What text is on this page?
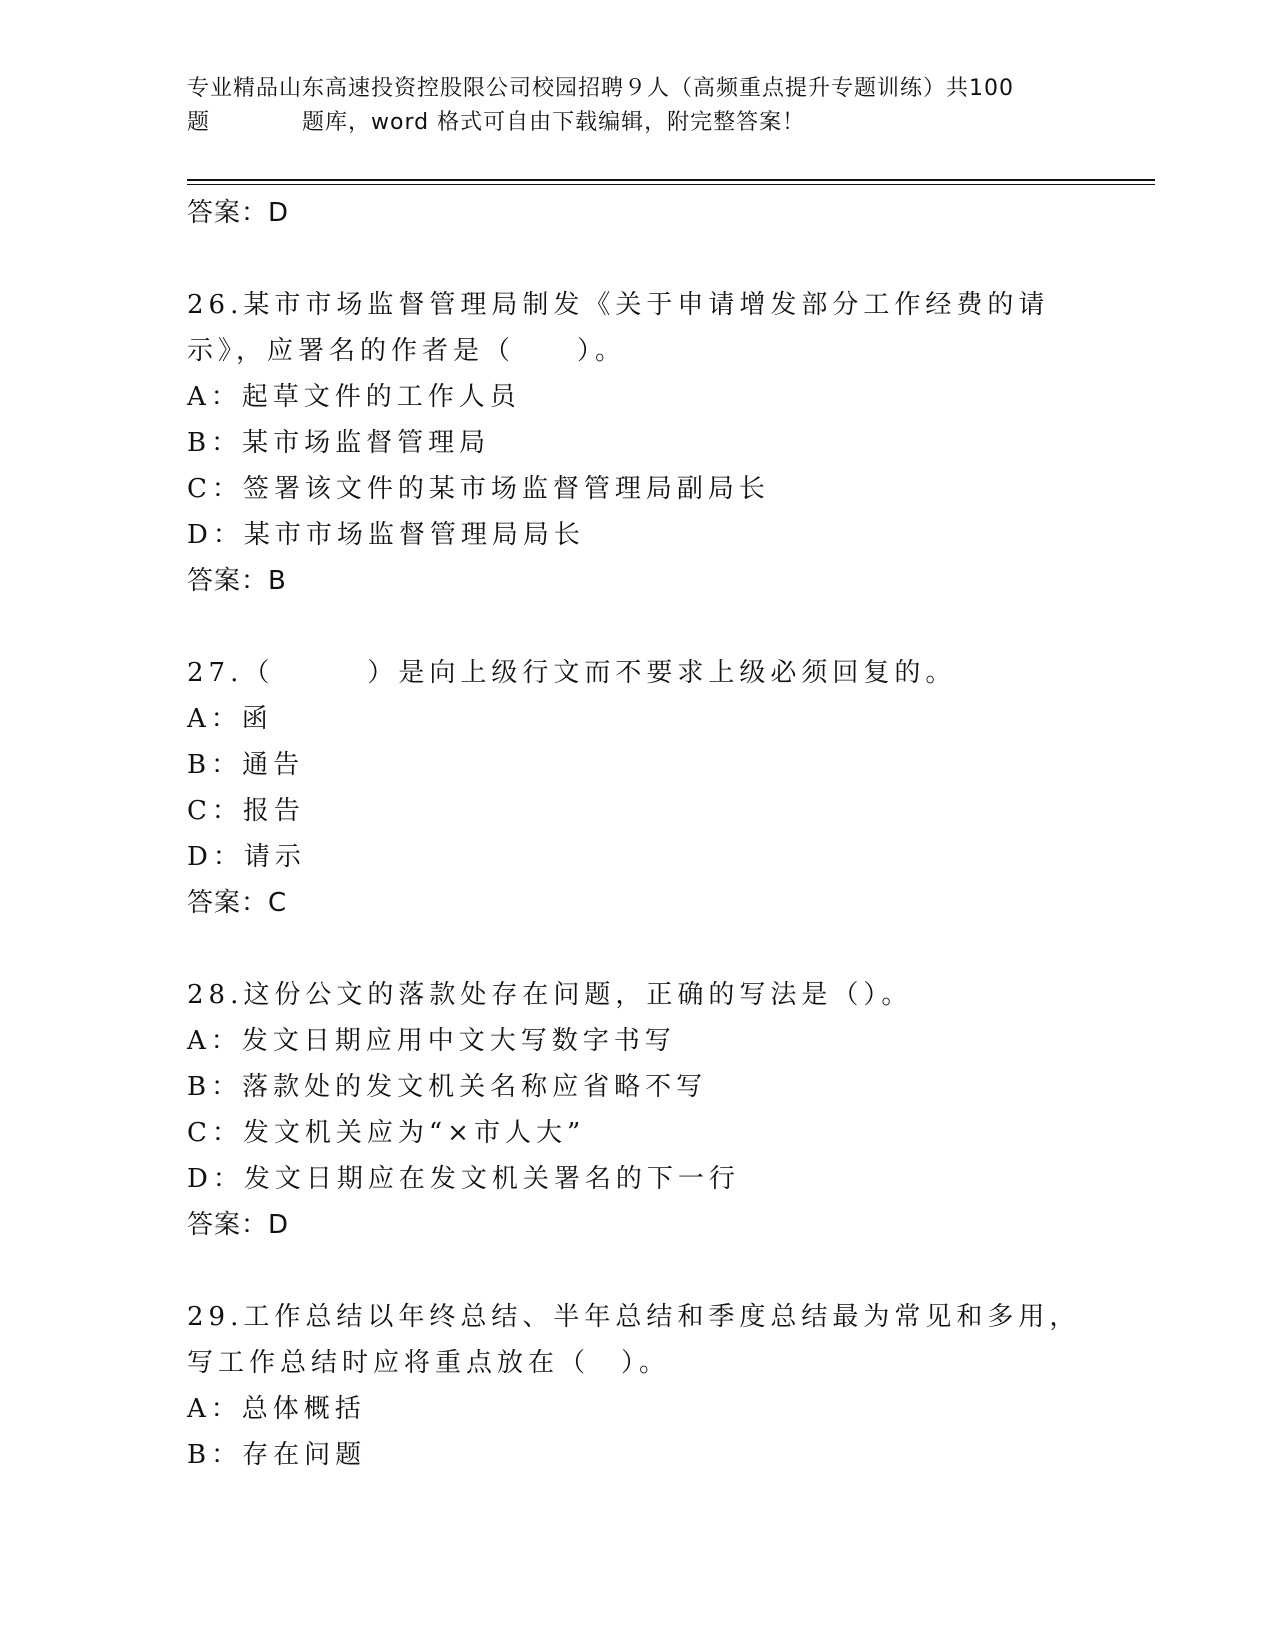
专业精品山东高速投资控股限公司校园招聘９人（高频重点提升专题训练）共100
题　　　　题库，word 格式可自由下载编辑，附完整答案！
答案：D
26.某市市场监督管理局制发《关于申请增发部分工作经费的请示》，应署名的作者是（　　）。
A：起草文件的工作人员
B：某市场监督管理局
C：签署该文件的某市场监督管理局副局长
D：某市市场监督管理局局长
答案：B
27.（　　　）是向上级行文而不要求上级必须回复的。
A：函
B：通告
C：报告
D：请示
答案：C
28.这份公文的落款处存在问题，正确的写法是（）。
A：发文日期应用中文大写数字书写
B：落款处的发文机关名称应省略不写
C：发文机关应为“×市人大”
D：发文日期应在发文机关署名的下一行
答案：D
29.工作总结以年终总结、半年总结和季度总结最为常见和多用，写工作总结时应将重点放在（　）。
A：总体概括
B：存在问题
